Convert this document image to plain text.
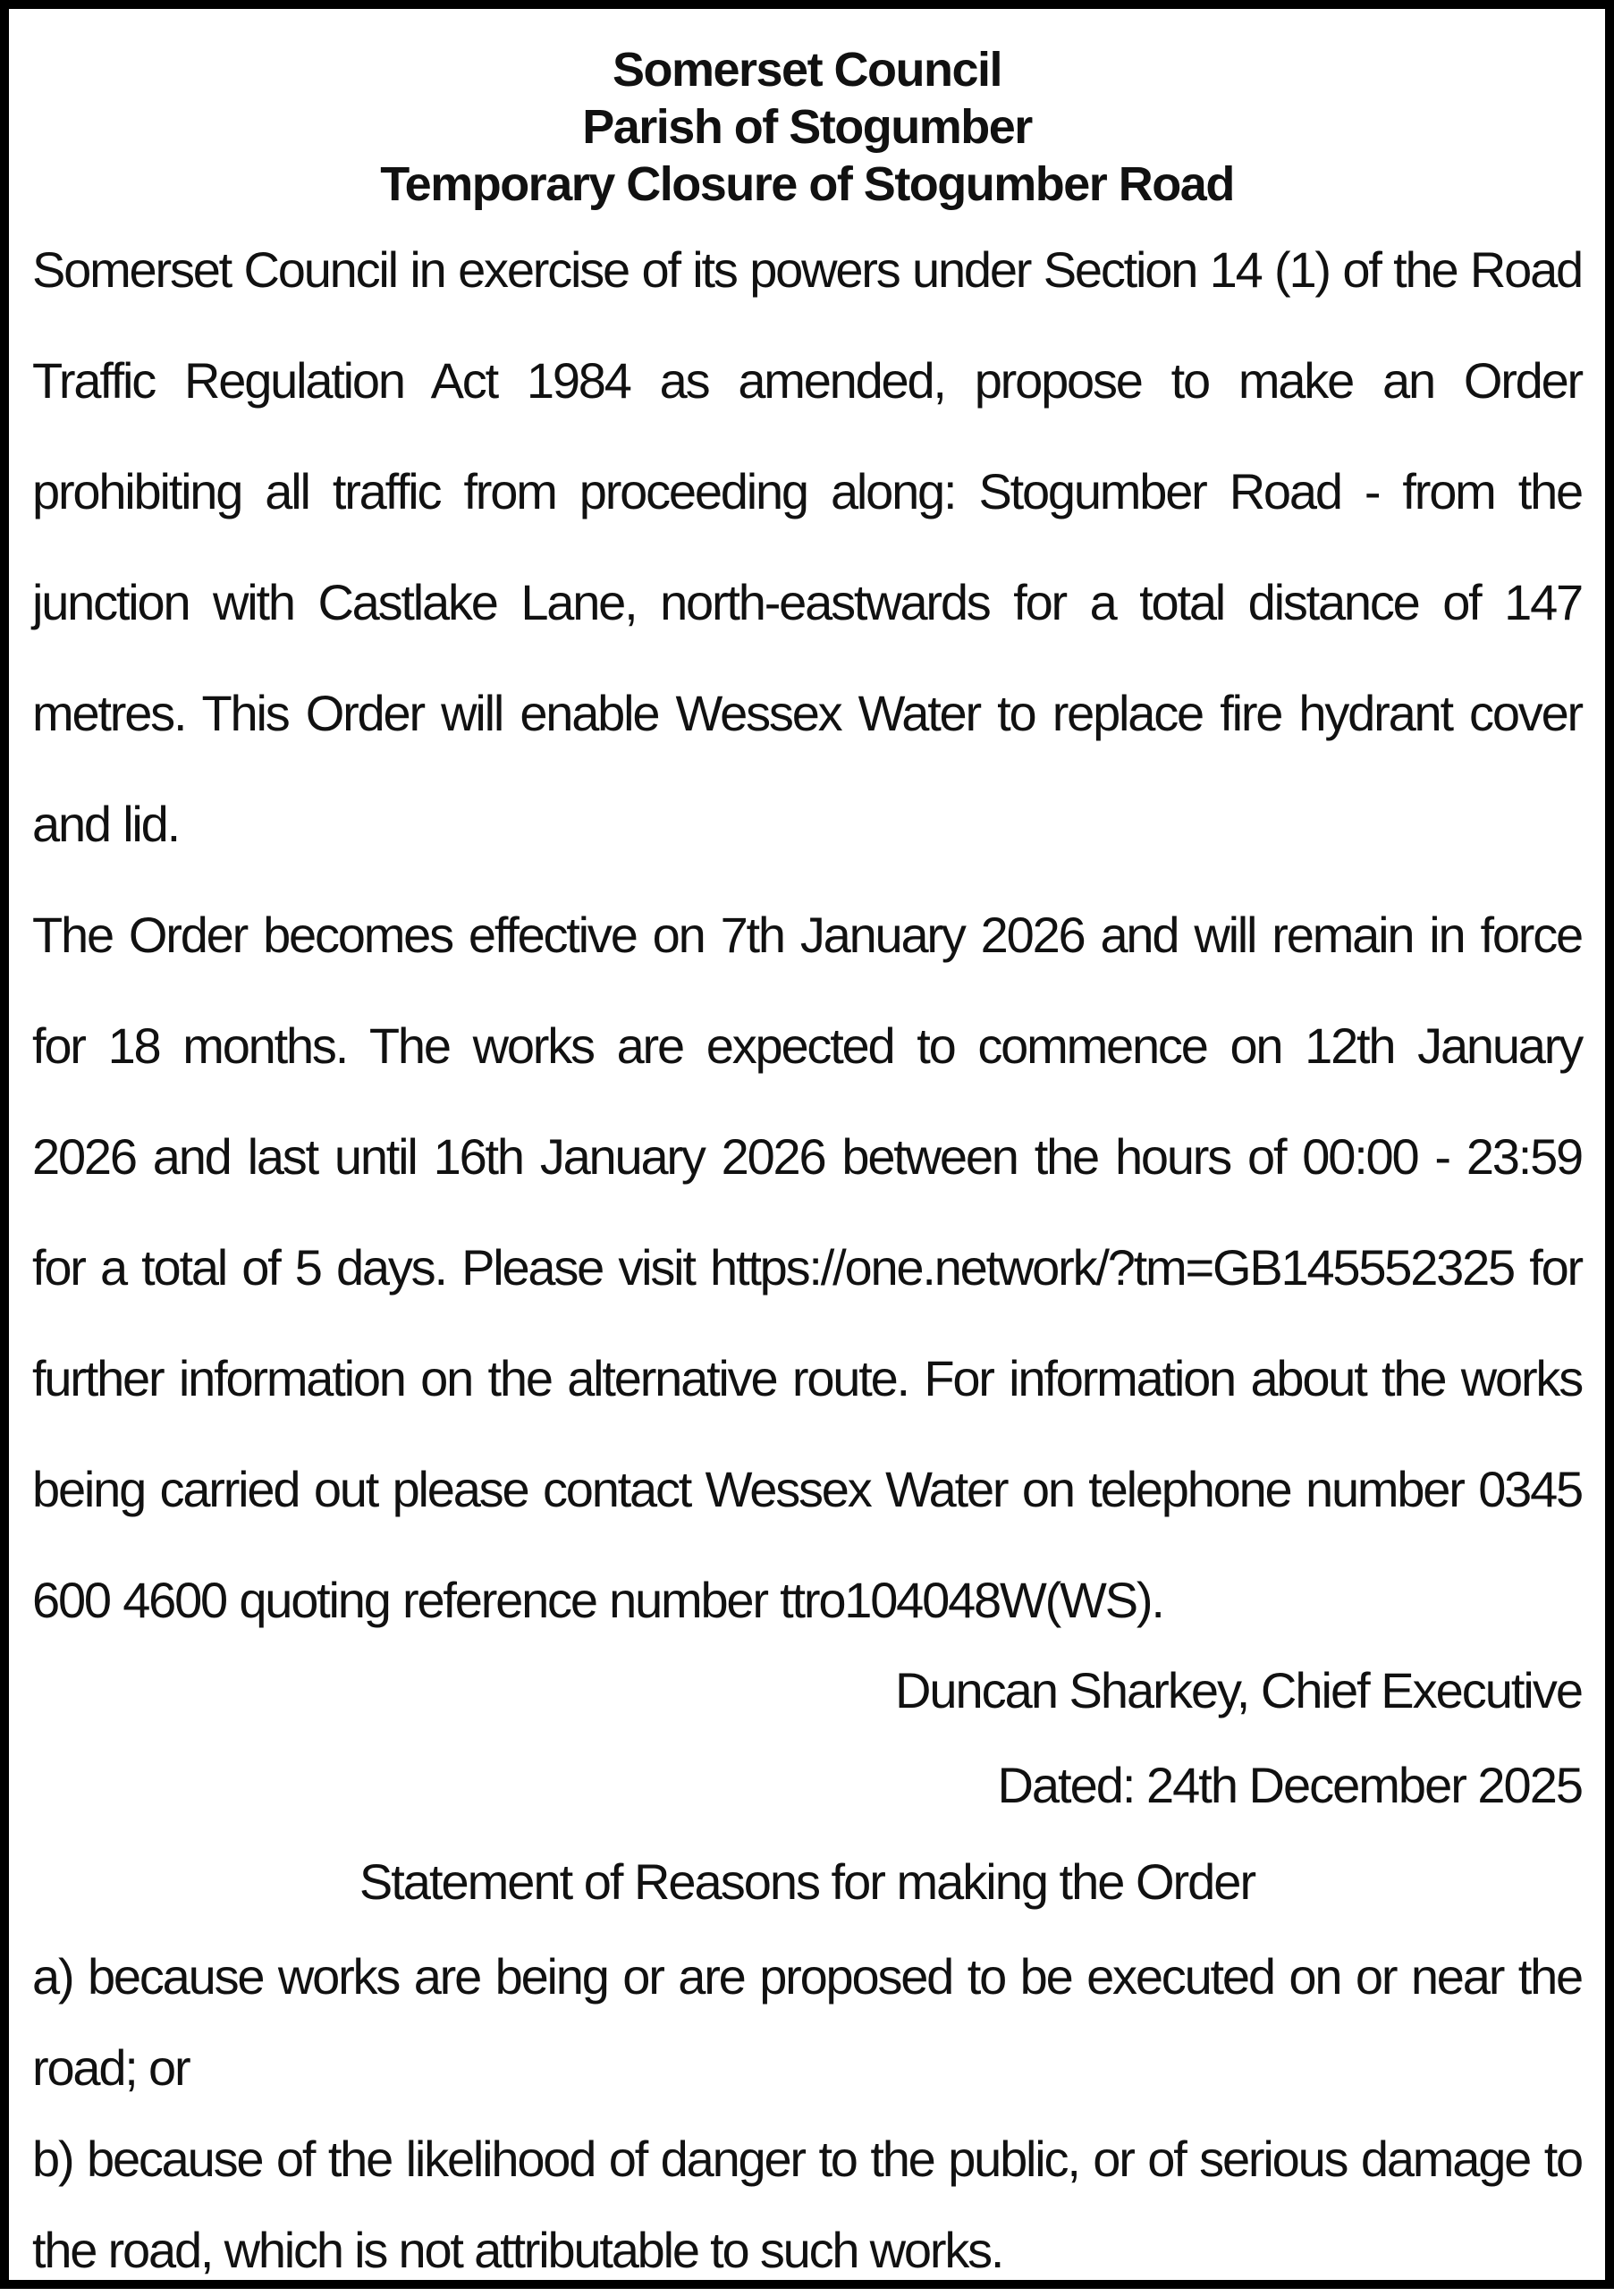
Somerset Council

Parish of Stogumber

Temporary Closure of Stogumber Road

Somerset Council in exercise of its powers under Section 14 (1) of the Road Traffic Regulation Act 1984 as amended, propose to make an Order prohibiting all traffic from proceeding along: Stogumber Road - from the junction with Castlake Lane, north-eastwards for a total distance of 147 metres. This Order will enable Wessex Water to replace fire hydrant cover and lid.

The Order becomes effective on 7th January 2026 and will remain in force for 18 months. The works are expected to commence on 12th January 2026 and last until 16th January 2026 between the hours of 00:00 - 23:59 for a total of 5 days. Please visit https://one.network/?tm=GB145552325 for further information on the alternative route. For information about the works being carried out please contact Wessex Water on telephone number 0345 600 4600 quoting reference number ttro104048W(WS).

Duncan Sharkey, Chief Executive

Dated: 24th December 2025

Statement of Reasons for making the Order

a) because works are being or are proposed to be executed on or near the road; or

b) because of the likelihood of danger to the public, or of serious damage to the road, which is not attributable to such works.
